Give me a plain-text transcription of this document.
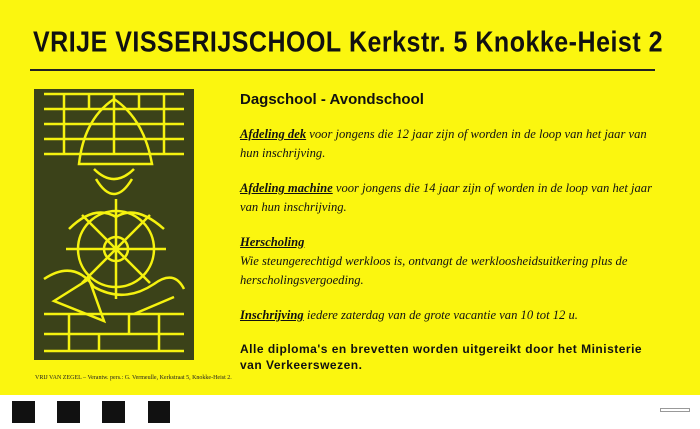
VRIJE VISSERIJSCHOOL Kerkstr. 5 Knokke-Heist 2
Dagschool - Avondschool

Afdeling dek voor jongens die 12 jaar zijn of worden in de loop van het jaar van hun inschrijving.

Afdeling machine voor jongens die 14 jaar zijn of worden in de loop van het jaar van hun inschrijving.

Herscholing
Wie steungerechtigd werkloos is, ontvangt de werkloosheidsuitkering plus de herscholingsvergoeding.

Inschrijving iedere zaterdag van de grote vacantie van 10 tot 12 u.

Alle diploma's en brevetten worden uitgereikt door het Ministerie van Verkeerswezen.
VRIJ VAN ZEGEL – Verantw. pers.: G. Vermeulle, Kerkstraat 5, Knokke-Heist 2.
